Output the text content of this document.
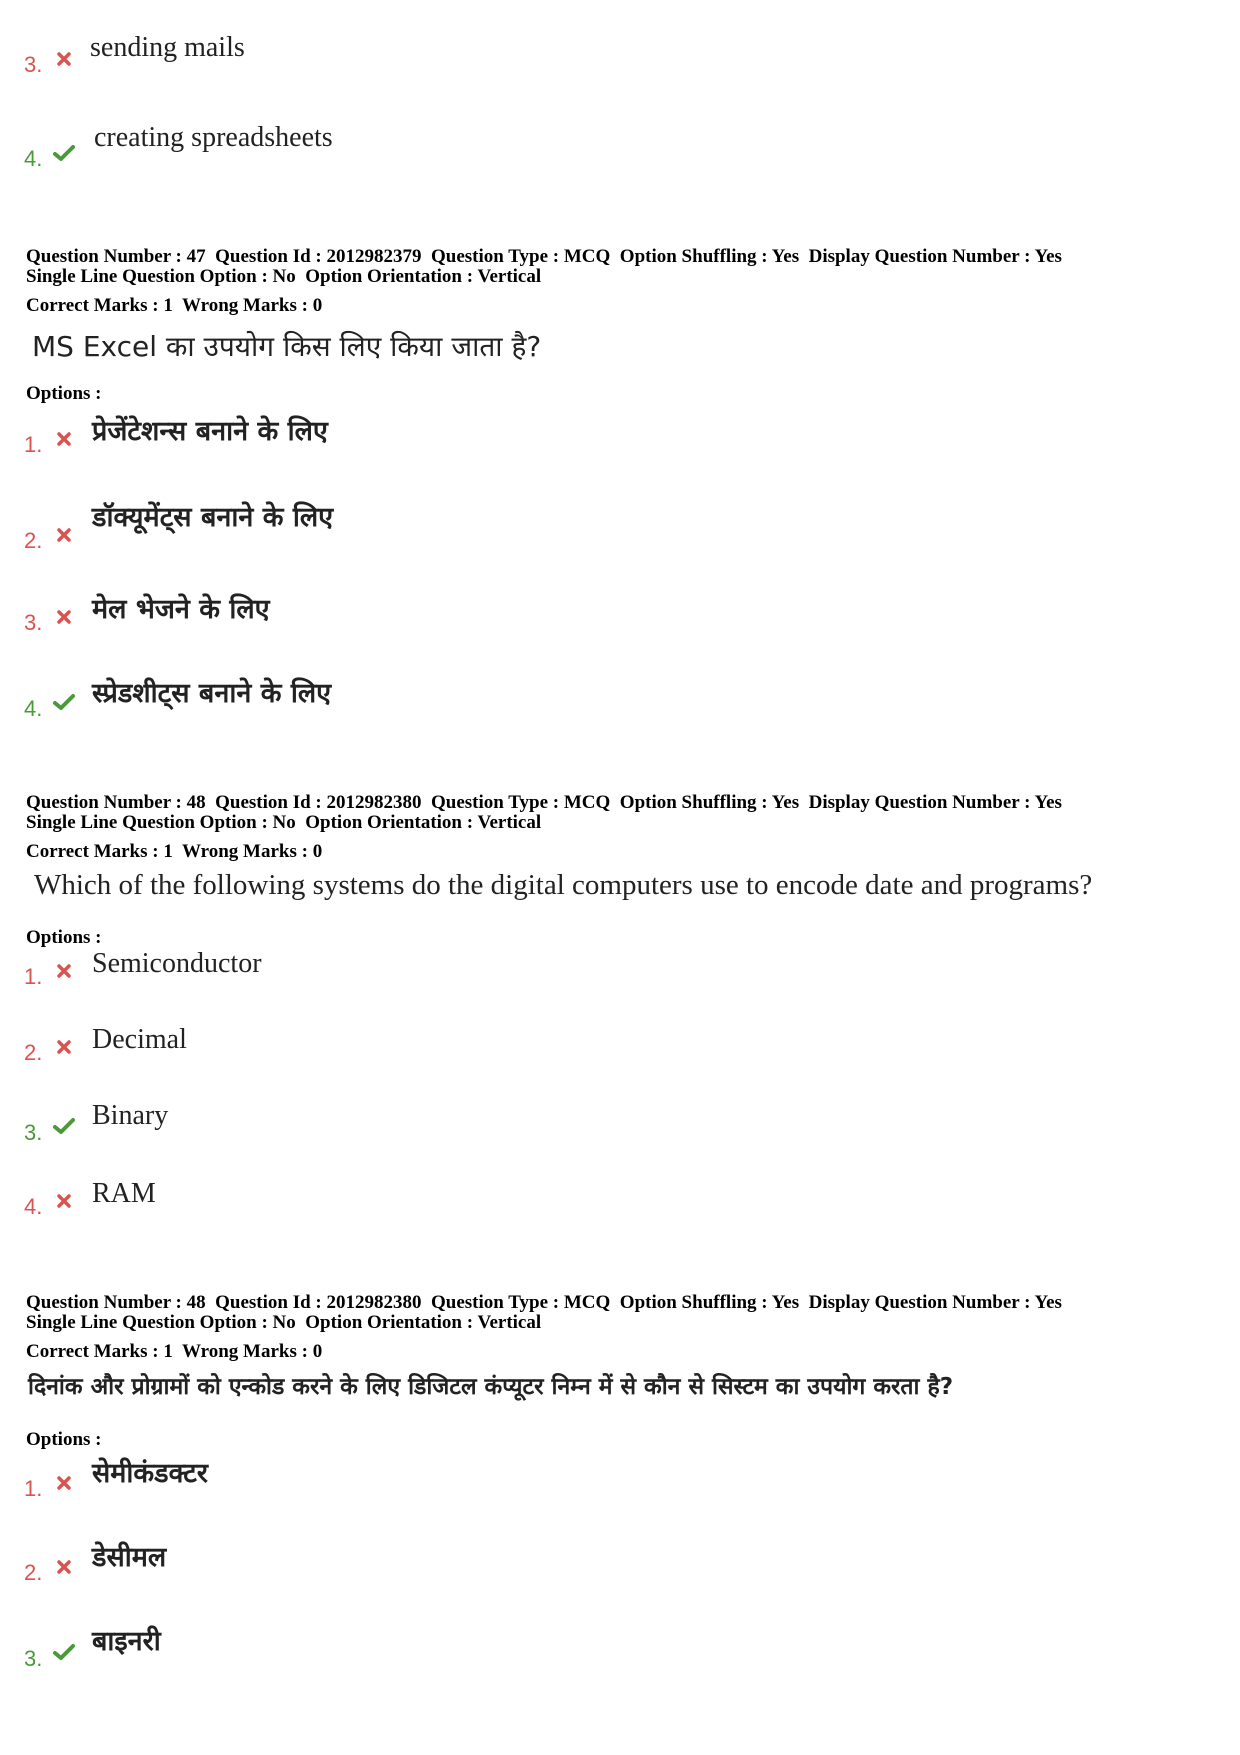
3.
sending mails
4.
creating spreadsheets
Question Number : 47  Question Id : 2012982379  Question Type : MCQ  Option Shuffling : Yes  Display Question Number : Yes
Single Line Question Option : No  Option Orientation : Vertical
Correct Marks : 1  Wrong Marks : 0
MS Excel का उपयोग किस लिए किया जाता है?
Options :
1. प्रेजेंटेशन्स बनाने के लिए
2.
डॉक्यूमेंट्स बनाने के लिए
3. मेल भेजने के लिए
4. स्प्रेडशीट्स बनाने के लिए
Question Number : 48  Question Id : 2012982380  Question Type : MCQ  Option Shuffling : Yes  Display Question Number : Yes
Single Line Question Option : No  Option Orientation : Vertical
Correct Marks : 1  Wrong Marks : 0
Which of the following systems do the digital computers use to encode date and programs?
Options :
1. Semiconductor
2. Decimal
3.
Binary
4. RAM
Question Number : 48  Question Id : 2012982380  Question Type : MCQ  Option Shuffling : Yes  Display Question Number : Yes
Single Line Question Option : No  Option Orientation : Vertical
Correct Marks : 1  Wrong Marks : 0
दिनांक और प्रोग्रामों को एन्कोड करने के लिए डिजिटल कंप्यूटर निम्न में से कौन से सिस्टम का उपयोग करता है?
Options :
1. सेमीकंडक्टर
2. डेसीमल
3.
बाइनरी
